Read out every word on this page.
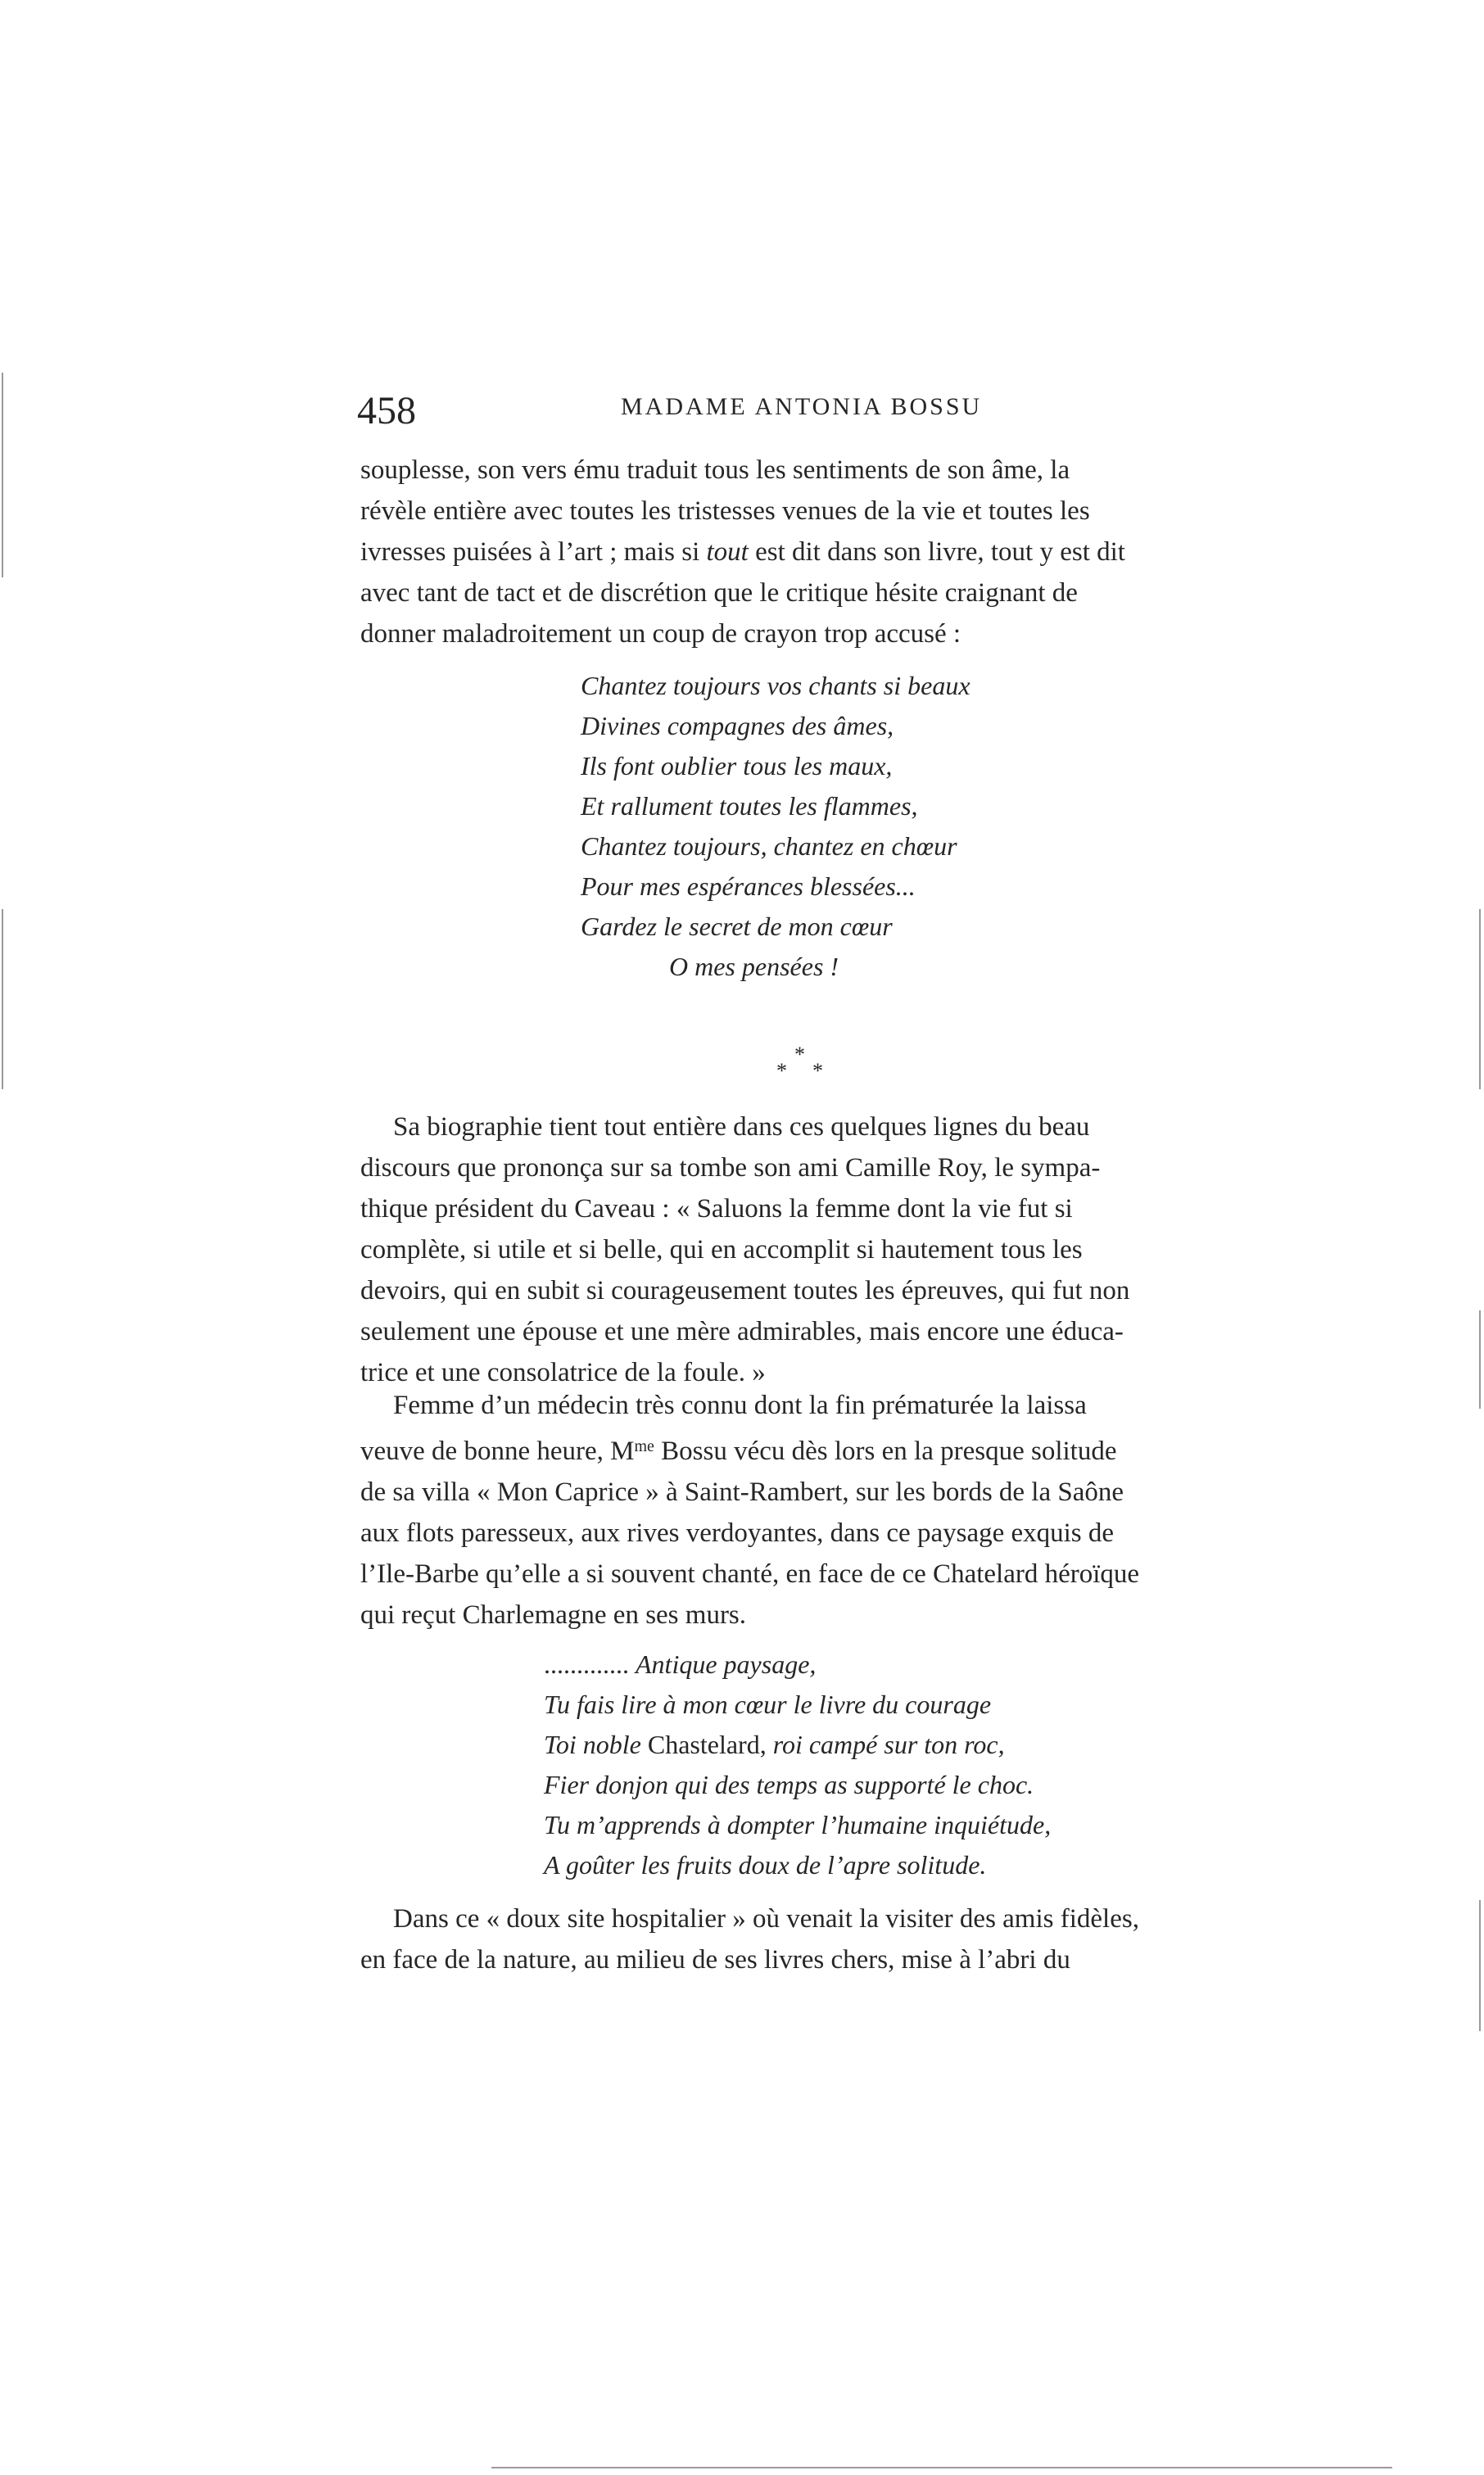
458	MADAME ANTONIA BOSSU

souplesse, son vers ému traduit tous les sentiments de son âme, la

révèle entière avec toutes les tristesses venues de la vie et toutes les

ivresses puisées à l’art ; mais si tout est dit dans son livre, tout y est dit

avec tant de tact et de discrétion que le critique hésite craignant de

donner maladroitement un coup de crayon trop accusé :

Chantez toujours vos chants si beaux

Divines compagnes des âmes,

Ils font oublier tous les maux,

Et rallument toutes les flammes,

Chantez toujours, chantez en chœur

Pour mes espérances blessées...

Gardez le secret de mon cœur

O mes pensées !

*
* *

Sa biographie tient tout entière dans ces quelques lignes du beau

discours que prononça sur sa tombe son ami Camille Roy, le sympa-

thique président du Caveau : « Saluons la femme dont la vie fut si

complète, si utile et si belle, qui en accomplit si hautement tous les

devoirs, qui en subit si courageusement toutes les épreuves, qui fut non

seulement une épouse et une mère admirables, mais encore une éduca-

trice et une consolatrice de la foule. »

Femme d’un médecin très connu dont la fin prématurée la laissa

veuve de bonne heure, $M^{me}$ Bossu vécu dès lors en la presque solitude

de sa villa « Mon Caprice » à Saint-Rambert, sur les bords de la Saône

aux flots paresseux, aux rives verdoyantes, dans ce paysage exquis de

l’Ile-Barbe qu’elle a si souvent chanté, en face de ce Chatelard héroïque

qui reçut Charlemagne en ses murs.

............. Antique paysage,

Tu fais lire à mon cœur le livre du courage

Toi noble Chastelard, roi campé sur ton roc,

Fier donjon qui des temps as supporté le choc.

Tu m’apprends à dompter l’humaine inquiétude,

A goûter les fruits doux de l’apre solitude.

Dans ce « doux site hospitalier » où venait la visiter des amis fidèles,

en face de la nature, au milieu de ses livres chers, mise à l’abri du
